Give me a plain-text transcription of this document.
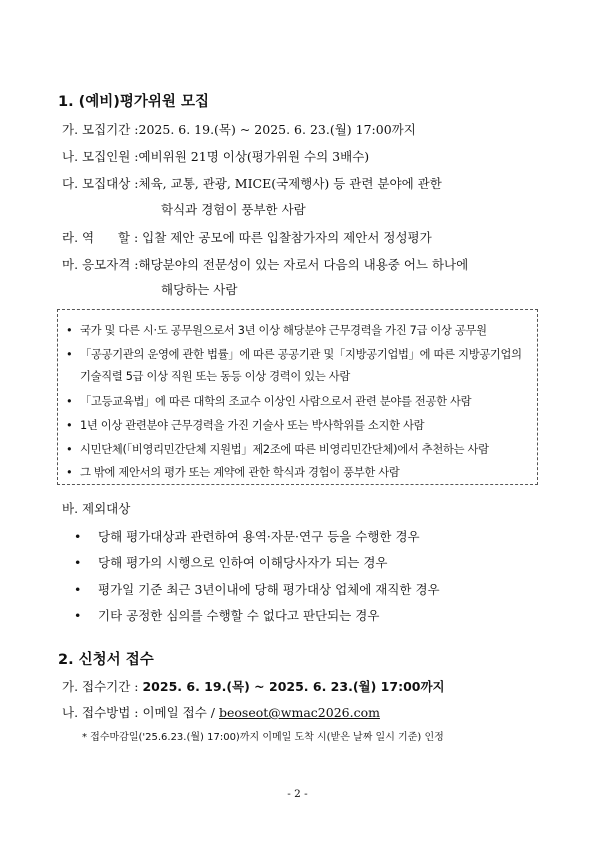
1. (예비)평가위원 모집
가. 모집기간 :2025. 6. 19.(목) ~ 2025. 6. 23.(월) 17:00까지
나. 모집인원 :예비위원 21명 이상(평가위원 수의 3배수)
다. 모집대상 :체육, 교통, 관광, MICE(국제행사) 등 관련 분야에 관한
학식과 경험이 풍부한 사람
라. 역      할 : 입찰 제안 공모에 따른 입찰참가자의 제안서 정성평가
마. 응모자격 :해당분야의 전문성이 있는 자로서 다음의 내용중 어느 하나에
해당하는 사람
• 국가 및 다른 시·도 공무원으로서 3년 이상 해당분야 근무경력을 가진 7급 이상 공무원
• 「공공기관의 운영에 관한 법률」에 따른 공공기관 및「지방공기업법」에 따른 지방공기업의
기술직렬 5급 이상 직원 또는 동등 이상 경력이 있는 사람
• 「고등교육법」에 따른 대학의 조교수 이상인 사람으로서 관련 분야를 전공한 사람
• 1년 이상 관련분야 근무경력을 가진 기술사 또는 박사학위를 소지한 사람
• 시민단체(「비영리민간단체 지원법」제2조에 따른 비영리민간단체)에서 추천하는 사람
• 그 밖에 제안서의 평가 또는 계약에 관한 학식과 경험이 풍부한 사람
바. 제외대상
• 당해 평가대상과 관련하여 용역·자문·연구 등을 수행한 경우
• 당해 평가의 시행으로 인하여 이해당사자가 되는 경우
• 평가일 기준 최근 3년이내에 당해 평가대상 업체에 재직한 경우
• 기타 공정한 심의를 수행할 수 없다고 판단되는 경우
2. 신청서 접수
가. 접수기간 : 2025. 6. 19.(목) ~ 2025. 6. 23.(월) 17:00까지
나. 접수방법 : 이메일 접수 / beoseot@wmac2026.com
* 접수마감일('25.6.23.(월) 17:00)까지 이메일 도착 시(받은 날짜 일시 기준) 인정
- 2 -
